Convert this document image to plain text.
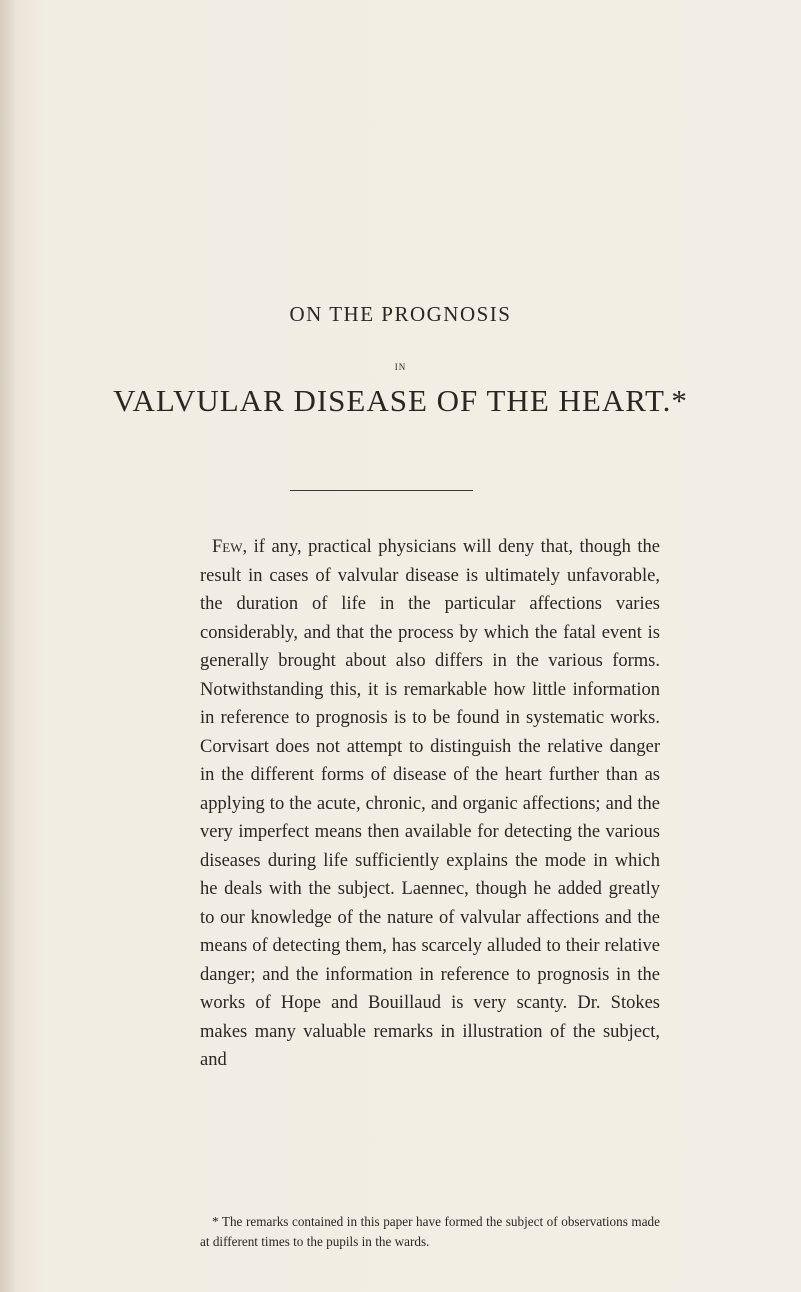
ON THE PROGNOSIS
IN
VALVULAR DISEASE OF THE HEART.*

Few, if any, practical physicians will deny that, though the result in cases of valvular disease is ultimately unfavorable, the duration of life in the particular affections varies considerably, and that the process by which the fatal event is generally brought about also differs in the various forms. Notwithstanding this, it is remarkable how little information in reference to prognosis is to be found in systematic works. Corvisart does not attempt to distinguish the relative danger in the different forms of disease of the heart further than as applying to the acute, chronic, and organic affections; and the very imperfect means then available for detecting the various diseases during life sufficiently explains the mode in which he deals with the subject. Laennec, though he added greatly to our knowledge of the nature of valvular affections and the means of detecting them, has scarcely alluded to their relative danger; and the information in reference to prognosis in the works of Hope and Bouillaud is very scanty. Dr. Stokes makes many valuable remarks in illustration of the subject, and

* The remarks contained in this paper have formed the subject of observations made at different times to the pupils in the wards.
